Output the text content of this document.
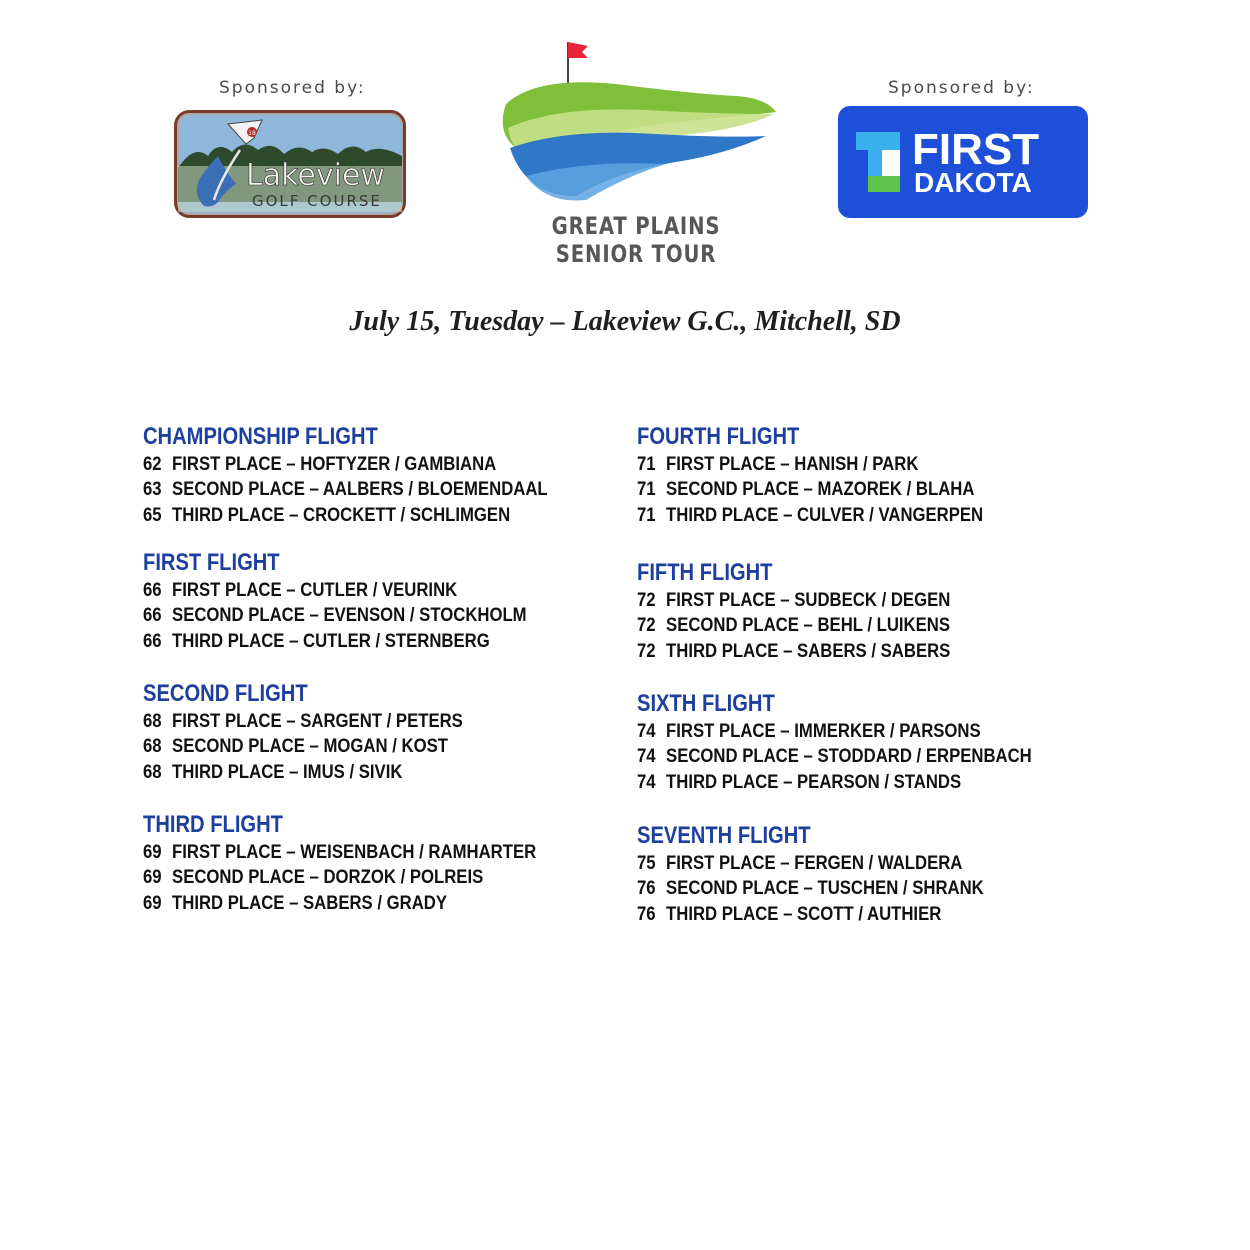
Sponsored by:	Sponsored by:
18
Lakeview
GOLF COURSE
GREAT PLAINS SENIOR TOUR
FIRST
DAKOTA
July 15, Tuesday – Lakeview G.C., Mitchell, SD
CHAMPIONSHIP FLIGHT
62 FIRST PLACE – HOFTYZER / GAMBIANA
63 SECOND PLACE – AALBERS / BLOEMENDAAL
65 THIRD PLACE – CROCKETT / SCHLIMGEN
FIRST FLIGHT
66 FIRST PLACE – CUTLER / VEURINK
66 SECOND PLACE – EVENSON / STOCKHOLM
66 THIRD PLACE – CUTLER / STERNBERG
SECOND FLIGHT
68 FIRST PLACE – SARGENT / PETERS
68 SECOND PLACE – MOGAN / KOST
68 THIRD PLACE – IMUS / SIVIK
THIRD FLIGHT
69 FIRST PLACE – WEISENBACH / RAMHARTER
69 SECOND PLACE – DORZOK / POLREIS
69 THIRD PLACE – SABERS / GRADY
FOURTH FLIGHT
71 FIRST PLACE – HANISH / PARK
71 SECOND PLACE – MAZOREK / BLAHA
71 THIRD PLACE – CULVER / VANGERPEN
FIFTH FLIGHT
72 FIRST PLACE – SUDBECK / DEGEN
72 SECOND PLACE – BEHL / LUIKENS
72 THIRD PLACE – SABERS / SABERS
SIXTH FLIGHT
74 FIRST PLACE – IMMERKER / PARSONS
74 SECOND PLACE – STODDARD / ERPENBACH
74 THIRD PLACE – PEARSON / STANDS
SEVENTH FLIGHT
75 FIRST PLACE – FERGEN / WALDERA
76 SECOND PLACE – TUSCHEN / SHRANK
76 THIRD PLACE – SCOTT / AUTHIER
